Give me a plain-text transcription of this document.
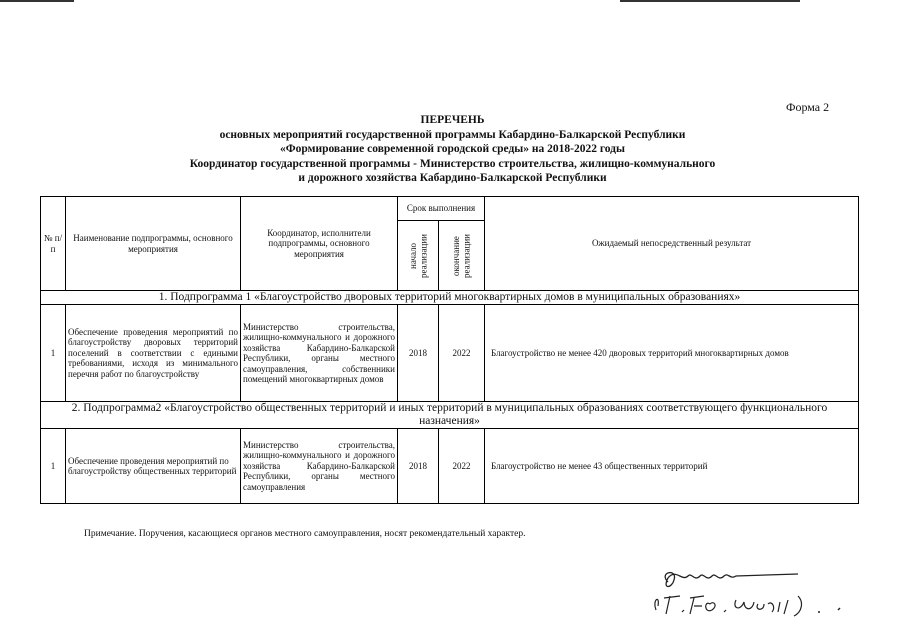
Форма 2
ПЕРЕЧЕНЬ
основных мероприятий государственной программы Кабардино-Балкарской Республики
«Формирование современной городской среды» на 2018-2022 годы
Координатор государственной программы - Министерство строительства, жилищно-коммунального
и дорожного хозяйства Кабардино-Балкарской Республики
№ п/п	Наименование подпрограммы, основного мероприятия	Координатор, исполнители подпрограммы, основного мероприятия	Срок выполнения		Ожидаемый непосредственный результат

			начало реализации	окончание реализации	

1. Подпрограмма 1 «Благоустройство дворовых территорий многоквартирных домов в муниципальных образованиях»					
1	Обеспечение проведения мероприятий по благоустройству дворовых территорий поселений в соответствии с едиными требованиями, исходя из минимального перечня работ по благоустройству	Министерство строительства, жилищно-коммунального и дорожного хозяйства Кабардино-Балкарской Республики, органы местного самоуправления, собственники помещений многоквартирных домов	2018	2022	Благоустройство не менее 420 дворовых территорий многоквартирных домов
2. Подпрограмма2 «Благоустройство общественных территорий и иных территорий в муниципальных образованиях соответствующего функционального назначения»					
1	Обеспечение проведения мероприятий по благоустройству общественных территорий	Министерство строительства, жилищно-коммунального и дорожного хозяйства Кабардино-Балкарской Республики, органы местного самоуправления	2018	2022	Благоустройство не менее 43 общественных территорий
Примечание. Поручения, касающиеся органов местного самоуправления, носят рекомендательный характер.
